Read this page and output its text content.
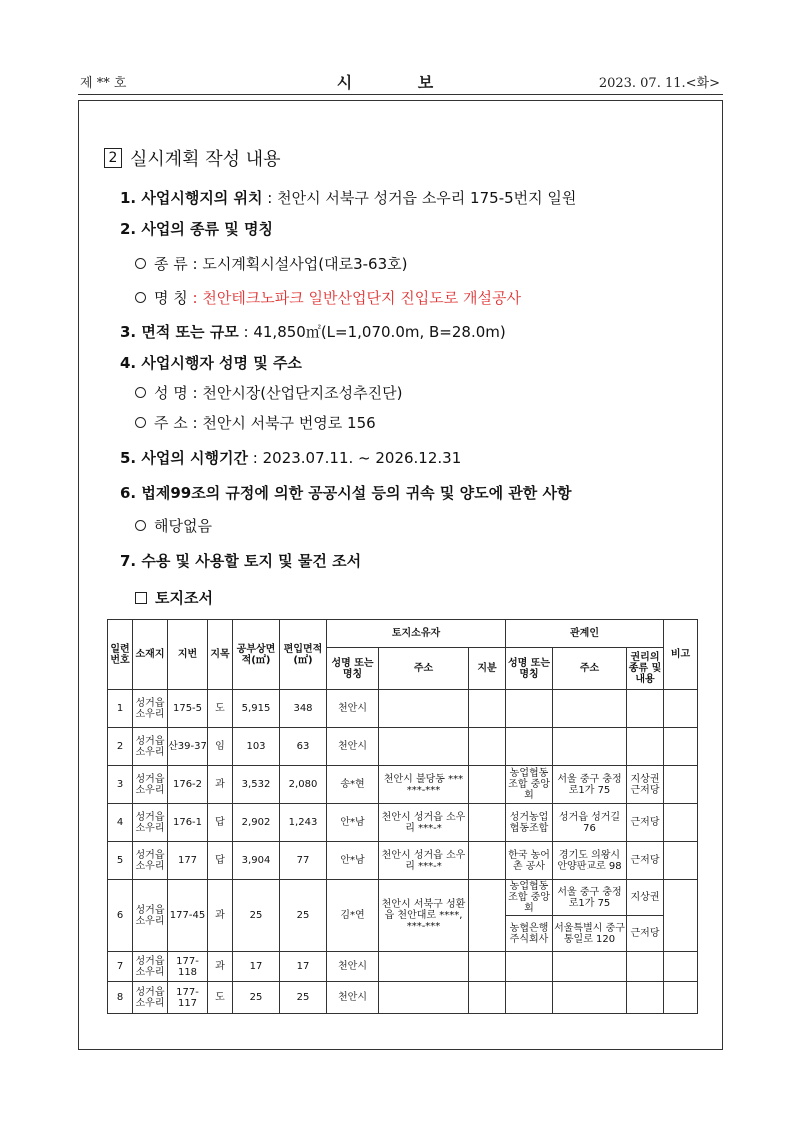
제 ** 호	시 보	2023. 07. 11.<화>
2 실시계획 작성 내용
1. 사업시행지의 위치 : 천안시 서북구 성거읍 소우리 175-5번지 일원
2. 사업의 종류 및 명칭
종 류 : 도시계획시설사업(대로3-63호)
명 칭 : 천안테크노파크 일반산업단지 진입도로 개설공사
3. 면적 또는 규모 : 41,850㎡(L=1,070.0m, B=28.0m)
4. 사업시행자 성명 및 주소
성 명 : 천안시장(산업단지조성추진단)
주 소 : 천안시 서북구 번영로 156
5. 사업의 시행기간 : 2023.07.11. ~ 2026.12.31
6. 법제99조의 규정에 의한 공공시설 등의 귀속 및 양도에 관한 사항
해당없음
7. 수용 및 사용할 토지 및 물건 조서
토지조서
일련번호	소재지	지번	지목	공부상면적(㎡)	편입면적(㎡)	토지소유자			관계인			비고
						성명 또는 명칭	주소	지분	성명 또는 명칭	주소	권리의 종류 및 내용	
1	성거읍 소우리	175-5	도	5,915	348	천안시						
2	성거읍 소우리	산39-37	임	103	63	천안시						
3	성거읍 소우리	176-2	과	3,532	2,080	송*현	천안시 불당동 *** ***-***		농업협동조합 중앙회	서울 중구 충정로1가 75	지상권 근저당	
4	성거읍 소우리	176-1	답	2,902	1,243	안*남	천안시 성거읍 소우리 ***-*		성거농업협동조합	성거읍 성거길76	근저당	
5	성거읍 소우리	177	답	3,904	77	안*남	천안시 성거읍 소우리 ***-*		한국 농어촌 공사	경기도 의왕시 안양판교로 98	근저당	
6	성거읍 소우리	177-45	과	25	25	김*연	천안시 서북구 성환읍 천안대로 ****, ***-***		농업협동조합 중앙회	서울 중구 충정로1가 75	지상권	
									농협은행 주식회사	서울특별시 중구 통일로 120	근저당	
7	성거읍 소우리	177-118	과	17	17	천안시						
8	성거읍 소우리	177-117	도	25	25	천안시						
